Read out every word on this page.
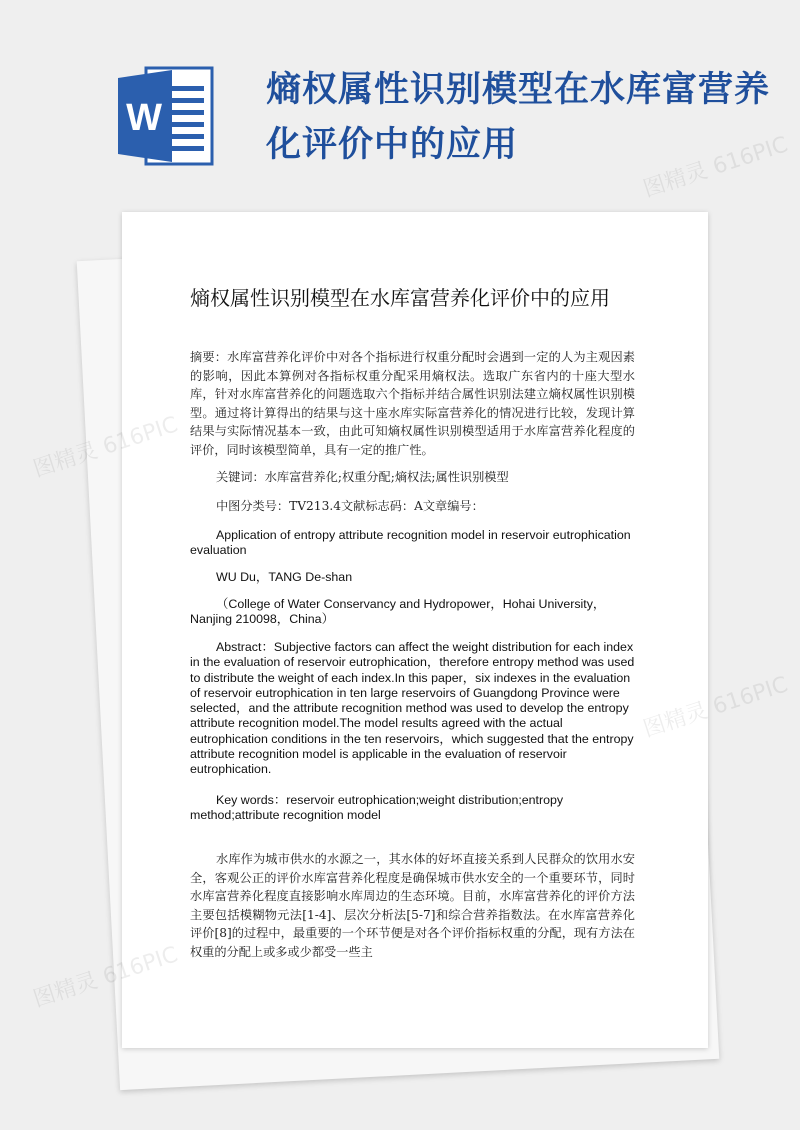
W
熵权属性识别模型在水库富营养化评价中的应用
熵权属性识别模型在水库富营养化评价中的应用
摘要：水库富营养化评价中对各个指标进行权重分配时会遇到一定的人为主观因素的影响，因此本算例对各指标权重分配采用熵权法。选取广东省内的十座大型水库，针对水库富营养化的问题选取六个指标并结合属性识别法建立熵权属性识别模型。通过将计算得出的结果与这十座水库实际富营养化的情况进行比较，发现计算结果与实际情况基本一致，由此可知熵权属性识别模型适用于水库富营养化程度的评价，同时该模型简单，具有一定的推广性。
关键词：水库富营养化;权重分配;熵权法;属性识别模型
中图分类号：TV213.4文献标志码：A文章编号：
Application of entropy attribute recognition model in reservoir eutrophication evaluation
WU Du，TANG De-shan
（College of Water Conservancy and Hydropower，Hohai University，Nanjing 210098，China）
Abstract：Subjective factors can affect the weight distribution for each index in the evaluation of reservoir eutrophication，therefore entropy method was used to distribute the weight of each index.In this paper，six indexes in the evaluation of reservoir eutrophication in ten large reservoirs of Guangdong Province were selected，and the attribute recognition method was used to develop the entropy attribute recognition model.The model results agreed with the actual eutrophication conditions in the ten reservoirs，which suggested that the entropy attribute recognition model is applicable in the evaluation of reservoir eutrophication.
Key words：reservoir eutrophication;weight distribution;entropy method;attribute recognition model
水库作为城市供水的水源之一，其水体的好坏直接关系到人民群众的饮用水安全，客观公正的评价水库富营养化程度是确保城市供水安全的一个重要环节，同时水库富营养化程度直接影响水库周边的生态环境。目前，水库富营养化的评价方法主要包括模糊物元法[1-4]、层次分析法[5-7]和综合营养指数法。在水库富营养化评价[8]的过程中，最重要的一个环节便是对各个评价指标权重的分配，现有方法在权重的分配上或多或少都受一些主
图精灵 616PIC
图精灵
图精灵 616PIC
图精灵 616PIC
